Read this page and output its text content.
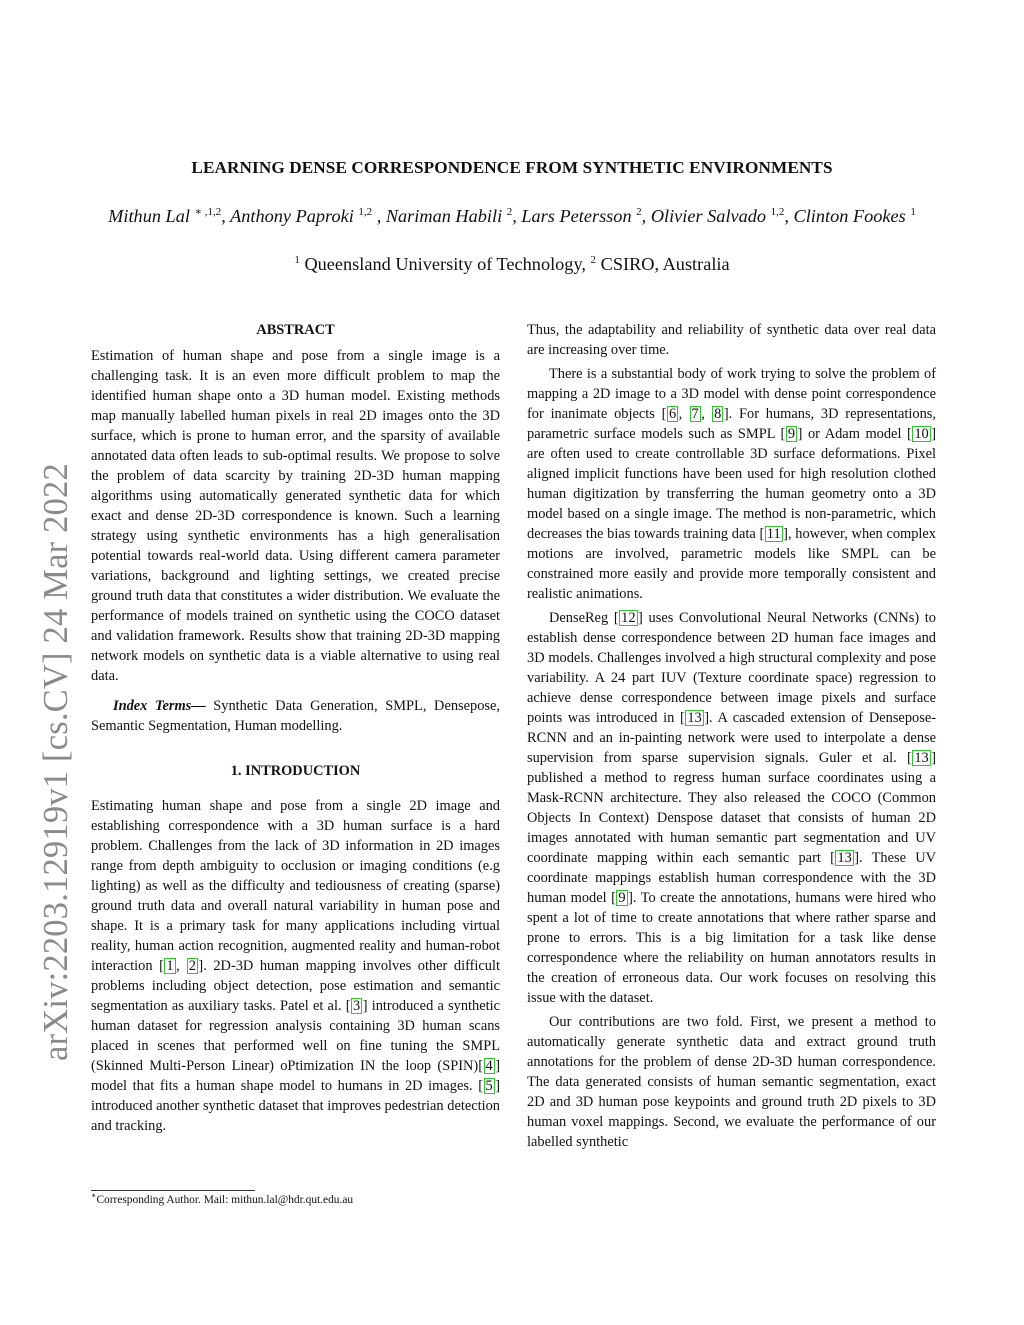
arXiv:2203.12919v1 [cs.CV] 24 Mar 2022
LEARNING DENSE CORRESPONDENCE FROM SYNTHETIC ENVIRONMENTS
Mithun Lal $^{∗ ,1,2}$, Anthony Paproki $^{1,2}$ , Nariman Habili $^2$, Lars Petersson $^2$, Olivier Salvado $^{1,2}$, Clinton Fookes $^1$
$^1$ Queensland University of Technology, $^2$ CSIRO, Australia
ABSTRACT

Estimation of human shape and pose from a single image is a challenging task. It is an even more difficult problem to map the identified human shape onto a 3D human model. Existing methods map manually labelled human pixels in real 2D images onto the 3D surface, which is prone to human error, and the sparsity of available annotated data often leads to sub-optimal results. We propose to solve the problem of data scarcity by training 2D-3D human mapping algorithms using automatically generated synthetic data for which exact and dense 2D-3D correspondence is known. Such a learning strategy using synthetic environments has a high generalisation potential towards real-world data. Using different camera parameter variations, background and lighting settings, we created precise ground truth data that constitutes a wider distribution. We evaluate the performance of models trained on synthetic using the COCO dataset and validation framework. Results show that training 2D-3D mapping network models on synthetic data is a viable alternative to using real data.

Index Terms— Synthetic Data Generation, SMPL, Densepose, Semantic Segmentation, Human modelling.

1. INTRODUCTION

Estimating human shape and pose from a single 2D image and establishing correspondence with a 3D human surface is a hard problem. Challenges from the lack of 3D information in 2D images range from depth ambiguity to occlusion or imaging conditions (e.g lighting) as well as the difficulty and tediousness of creating (sparse) ground truth data and overall natural variability in human pose and shape. It is a primary task for many applications including virtual reality, human action recognition, augmented reality and human-robot interaction [ 1 , 2 ]. 2D-3D human mapping involves other difficult problems including object detection, pose estimation and semantic segmentation as auxiliary tasks. Patel et al. [ 3 ] introduced a synthetic human dataset for regression analysis containing 3D human scans placed in scenes that performed well on fine tuning the SMPL (Skinned Multi-Person Linear) oPtimization IN the loop (SPIN)[ 4 ] model that fits a human shape model to humans in 2D images. [ 5 ] introduced another synthetic dataset that improves pedestrian detection and tracking.

Thus, the adaptability and reliability of synthetic data over real data are increasing over time.

There is a substantial body of work trying to solve the problem of mapping a 2D image to a 3D model with dense point correspondence for inanimate objects [ 6 , 7 , 8 ]. For humans, 3D representations, parametric surface models such as SMPL [ 9 ] or Adam model [ 10 ] are often used to create controllable 3D surface deformations. Pixel aligned implicit functions have been used for high resolution clothed human digitization by transferring the human geometry onto a 3D model based on a single image. The method is non-parametric, which decreases the bias towards training data [ 11 ], however, when complex motions are involved, parametric models like SMPL can be constrained more easily and provide more temporally consistent and realistic animations.

DenseReg [ 12 ] uses Convolutional Neural Networks (CNNs) to establish dense correspondence between 2D human face images and 3D models. Challenges involved a high structural complexity and pose variability. A 24 part IUV (Texture coordinate space) regression to achieve dense correspondence between image pixels and surface points was introduced in [ 13 ]. A cascaded extension of Densepose-RCNN and an in-painting network were used to interpolate a dense supervision from sparse supervision signals. Guler et al. [ 13 ] published a method to regress human surface coordinates using a Mask-RCNN architecture. They also released the COCO (Common Objects In Context) Denspose dataset that consists of human 2D images annotated with human semantic part segmentation and UV coordinate mapping within each semantic part [ 13 ]. These UV coordinate mappings establish human correspondence with the 3D human model [ 9 ]. To create the annotations, humans were hired who spent a lot of time to create annotations that where rather sparse and prone to errors. This is a big limitation for a task like dense correspondence where the reliability on human annotators results in the creation of erroneous data. Our work focuses on resolving this issue with the dataset.

Our contributions are two fold. First, we present a method to automatically generate synthetic data and extract ground truth annotations for the problem of dense 2D-3D human correspondence. The data generated consists of human semantic segmentation, exact 2D and 3D human pose keypoints and ground truth 2D pixels to 3D human voxel mappings. Second, we evaluate the performance of our labelled synthetic

∗Corresponding Author. Mail: mithun.lal@hdr.qut.edu.au
